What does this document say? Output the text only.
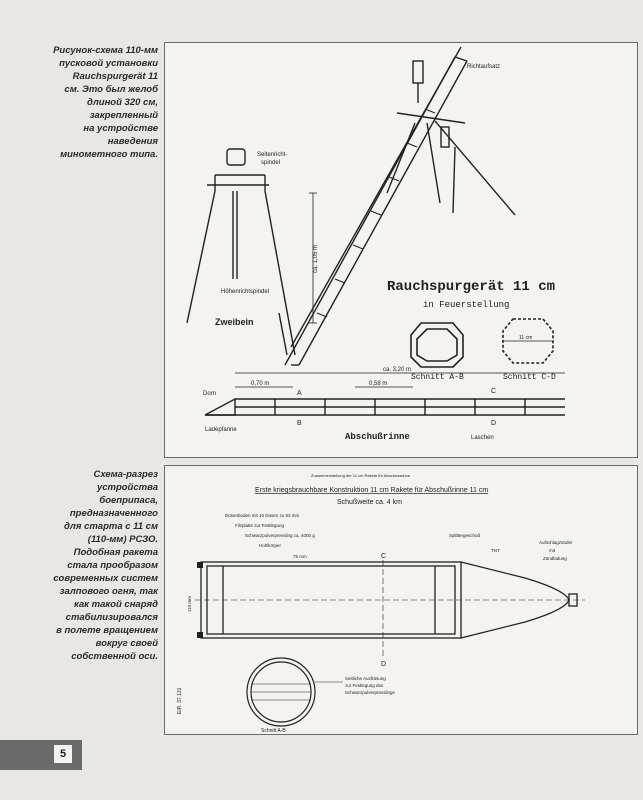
Рисунок-схема 110-мм
пусковой установки
Rauchspurgerät 11
см. Это был желоб
длиной 320 см,
закрепленный
на устройстве
наведения
минометного типа.
Схема-разрез
устройства
боеприпаса,
предназначенного
для старта с 11 см
(110-мм) РСЗО.
Подобная ракета
стала прообразом
современных систем
залпового огня, так
как такой снаряд
стабилизировался
в полете вращением
вокруг своей
собственной оси.
Richtaufsatz
Seitenricht-
spindel
Höhenrichtspindel
Zweibein
ca. 1,05 m
Rauchspurgerät 11 cm
in Feuerstellung
Schnitt A-B
11 cm
Schnitt C-D
ca. 3,20 m
0,70 m	0,58 m
A
B
C
D
Dorn
Ladepfanne
Abschußrinne	Laschen
Zusammenstellung der 11 cm Rakete für Abschussrinne
Erste kriegsbrauchbare Konstruktion 11 cm Rakete für Abschußrinne 11 cm
Schußweite ca. 4 km
Düsenboden mit 16 Düsen zu 53 mm
Filzplatte zur Festlegung
Schwarzpulverpressling ca. 4000 g
Hohlkörper
Splittergeschoß
TNT
Aufschlagzünder
mit
Zündladung
75 mm
110 mm
C
D
Schnitt A-B
Seitliche Ausfräsung
zur Festlegung des
Schwarzpulverpresslings
EIR. 37.131
5
